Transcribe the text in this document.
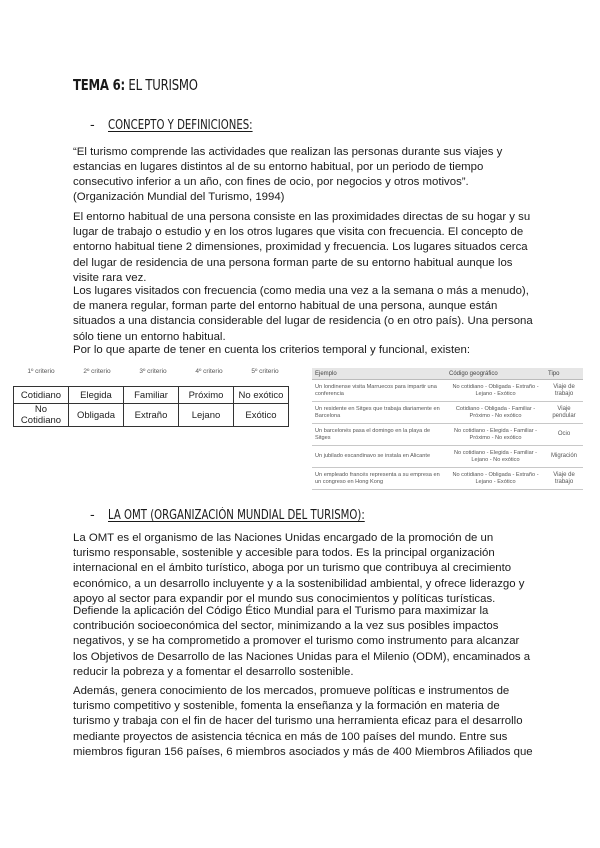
TEMA 6: EL TURISMO
- CONCEPTO Y DEFINICIONES:

“El turismo comprende las actividades que realizan las personas durante sus viajes y estancias en lugares distintos al de su entorno habitual, por un periodo de tiempo consecutivo inferior a un año, con fines de ocio, por negocios y otros motivos”.

(Organización Mundial del Turismo, 1994)

El entorno habitual de una persona consiste en las proximidades directas de su hogar y su lugar de trabajo o estudio y en los otros lugares que visita con frecuencia. El concepto de entorno habitual tiene 2 dimensiones, proximidad y frecuencia. Los lugares situados cerca del lugar de residencia de una persona forman parte de su entorno habitual aunque los visite rara vez.

Los lugares visitados con frecuencia (como media una vez a la semana o más a menudo), de manera regular, forman parte del entorno habitual de una persona, aunque están situados a una distancia considerable del lugar de residencia (o en otro país). Una persona sólo tiene un entorno habitual.

Por lo que aparte de tener en cuenta los criterios temporal y funcional, existen:

1º criterio	2º criterio	3º criterio	4º criterio	5º criterio
Cotidiano	Elegida	Familiar	Próximo	No exótico
No Cotidiano	Obligada	Extraño	Lejano	Exótico
Ejemplo	Código geográfico	Tipo
Un londinense visita Marruecos para impartir una conferencia	No cotidiano - Obligada - Extraño - Lejano - Exótico	Viaje de trabajo
Un residente en Sitges que trabaja diariamente en Barcelona	Cotidiano - Obligada - Familiar - Próximo - No exótico	Viaje pendular
Un barcelonés pasa el domingo en la playa de Sitges	No cotidiano - Elegida - Familiar - Próximo - No exótico	Ocio
Un jubilado escandinavo se instala en Alicante	No cotidiano - Elegida - Familiar - Lejano - No exótico	Migración
Un empleado francés representa a su empresa en un congreso en Hong Kong	No cotidiano - Obligada - Extraño - Lejano - Exótico	Viaje de trabajo
- LA OMT (ORGANIZACIÓN MUNDIAL DEL TURISMO):

La OMT es el organismo de las Naciones Unidas encargado de la promoción de un turismo responsable, sostenible y accesible para todos. Es la principal organización internacional en el ámbito turístico, aboga por un turismo que contribuya al crecimiento económico, a un desarrollo incluyente y a la sostenibilidad ambiental, y ofrece liderazgo y apoyo al sector para expandir por el mundo sus conocimientos y políticas turísticas.

Defiende la aplicación del Código Ético Mundial para el Turismo para maximizar la contribución socioeconómica del sector, minimizando a la vez sus posibles impactos negativos, y se ha comprometido a promover el turismo como instrumento para alcanzar los Objetivos de Desarrollo de las Naciones Unidas para el Milenio (ODM), encaminados a reducir la pobreza y a fomentar el desarrollo sostenible.

Además, genera conocimiento de los mercados, promueve políticas e instrumentos de turismo competitivo y sostenible, fomenta la enseñanza y la formación en materia de turismo y trabaja con el fin de hacer del turismo una herramienta eficaz para el desarrollo mediante proyectos de asistencia técnica en más de 100 países del mundo. Entre sus miembros figuran 156 países, 6 miembros asociados y más de 400 Miembros Afiliados que
